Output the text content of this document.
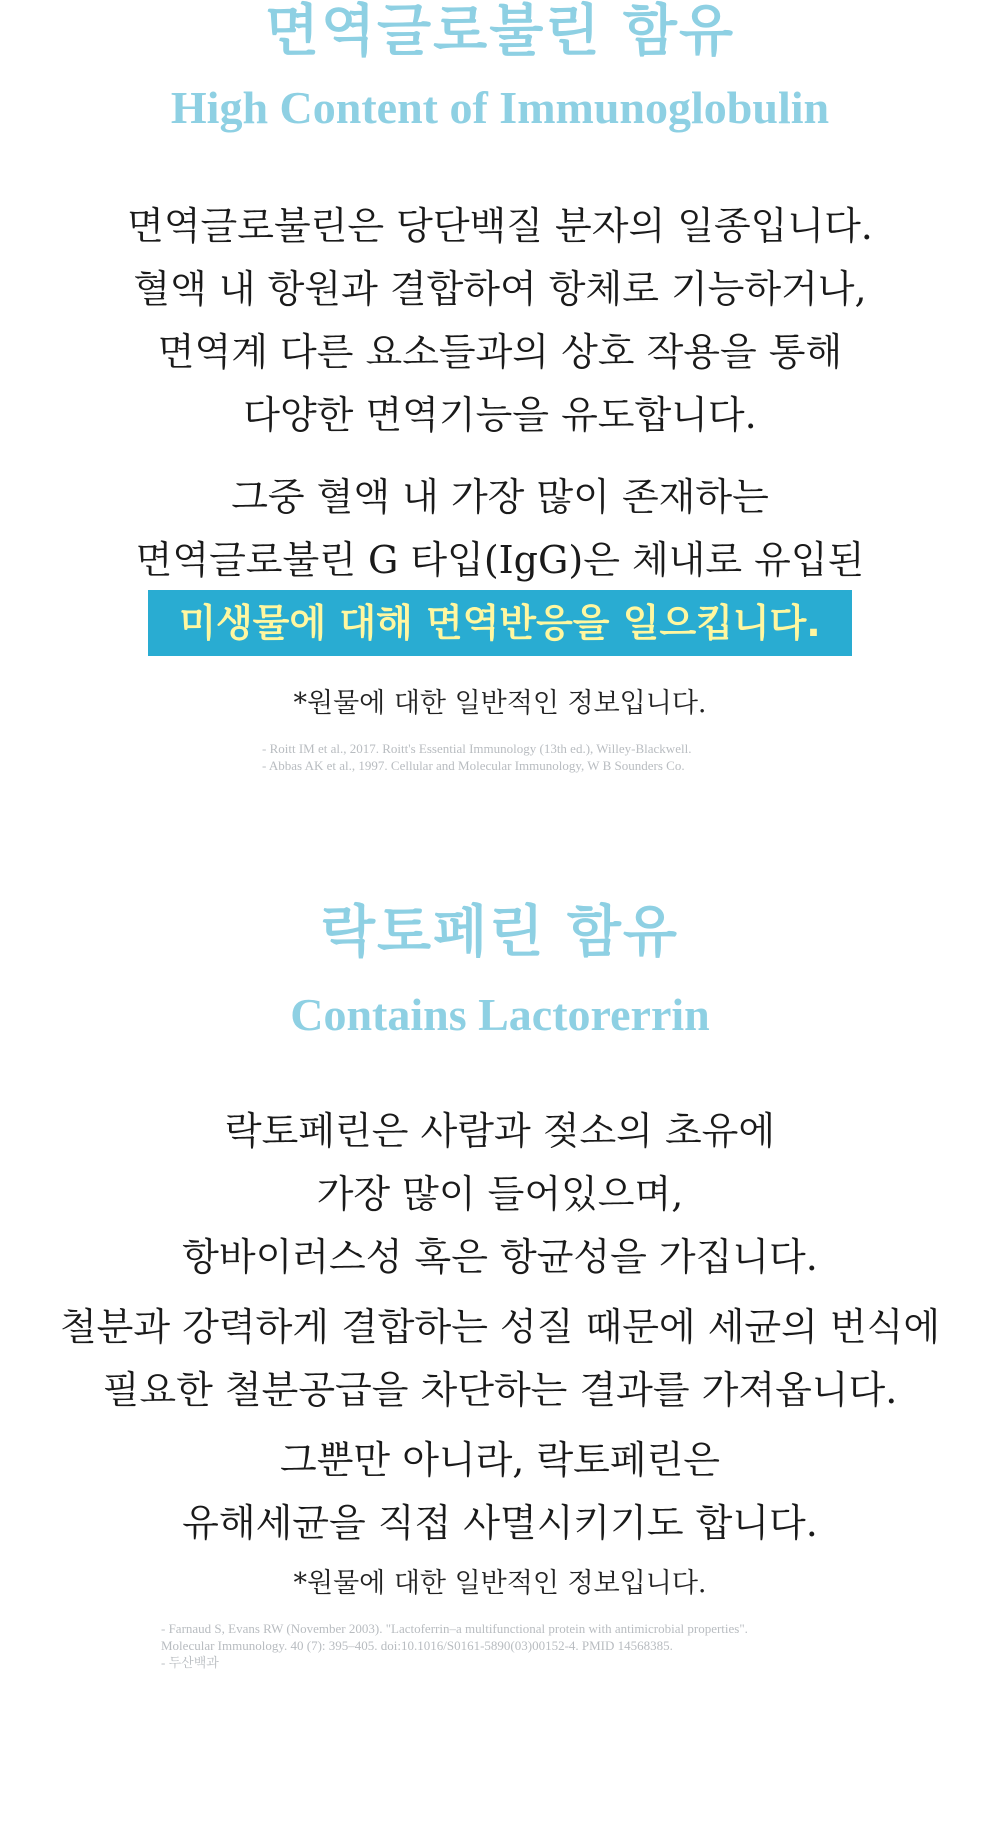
면역글로불린 함유
High Content of Immunoglobulin

면역글로불린은 당단백질 분자의 일종입니다.

혈액 내 항원과 결합하여 항체로 기능하거나,

면역계 다른 요소들과의 상호 작용을 통해

다양한 면역기능을 유도합니다.

그중 혈액 내 가장 많이 존재하는

면역글로불린 G 타입(IgG)은 체내로 유입된

미생물에 대해 면역반응을 일으킵니다.

*원물에 대한 일반적인 정보입니다.

- Roitt IM et al., 2017. Roitt's Essential Immunology (13th ed.), Willey-Blackwell.

- Abbas AK et al., 1997. Cellular and Molecular Immunology, W B Sounders Co.

락토페린 함유
Contains Lactorerrin

락토페린은 사람과 젖소의 초유에

가장 많이 들어있으며,

항바이러스성 혹은 항균성을 가집니다.

철분과 강력하게 결합하는 성질 때문에 세균의 번식에

필요한 철분공급을 차단하는 결과를 가져옵니다.

그뿐만 아니라, 락토페린은

유해세균을 직접 사멸시키기도 합니다.

*원물에 대한 일반적인 정보입니다.

- Farnaud S, Evans RW (November 2003). "Lactoferrin–a multifunctional protein with antimicrobial properties".

Molecular Immunology. 40 (7): 395–405. doi:10.1016/S0161-5890(03)00152-4. PMID 14568385.

- 두산백과
